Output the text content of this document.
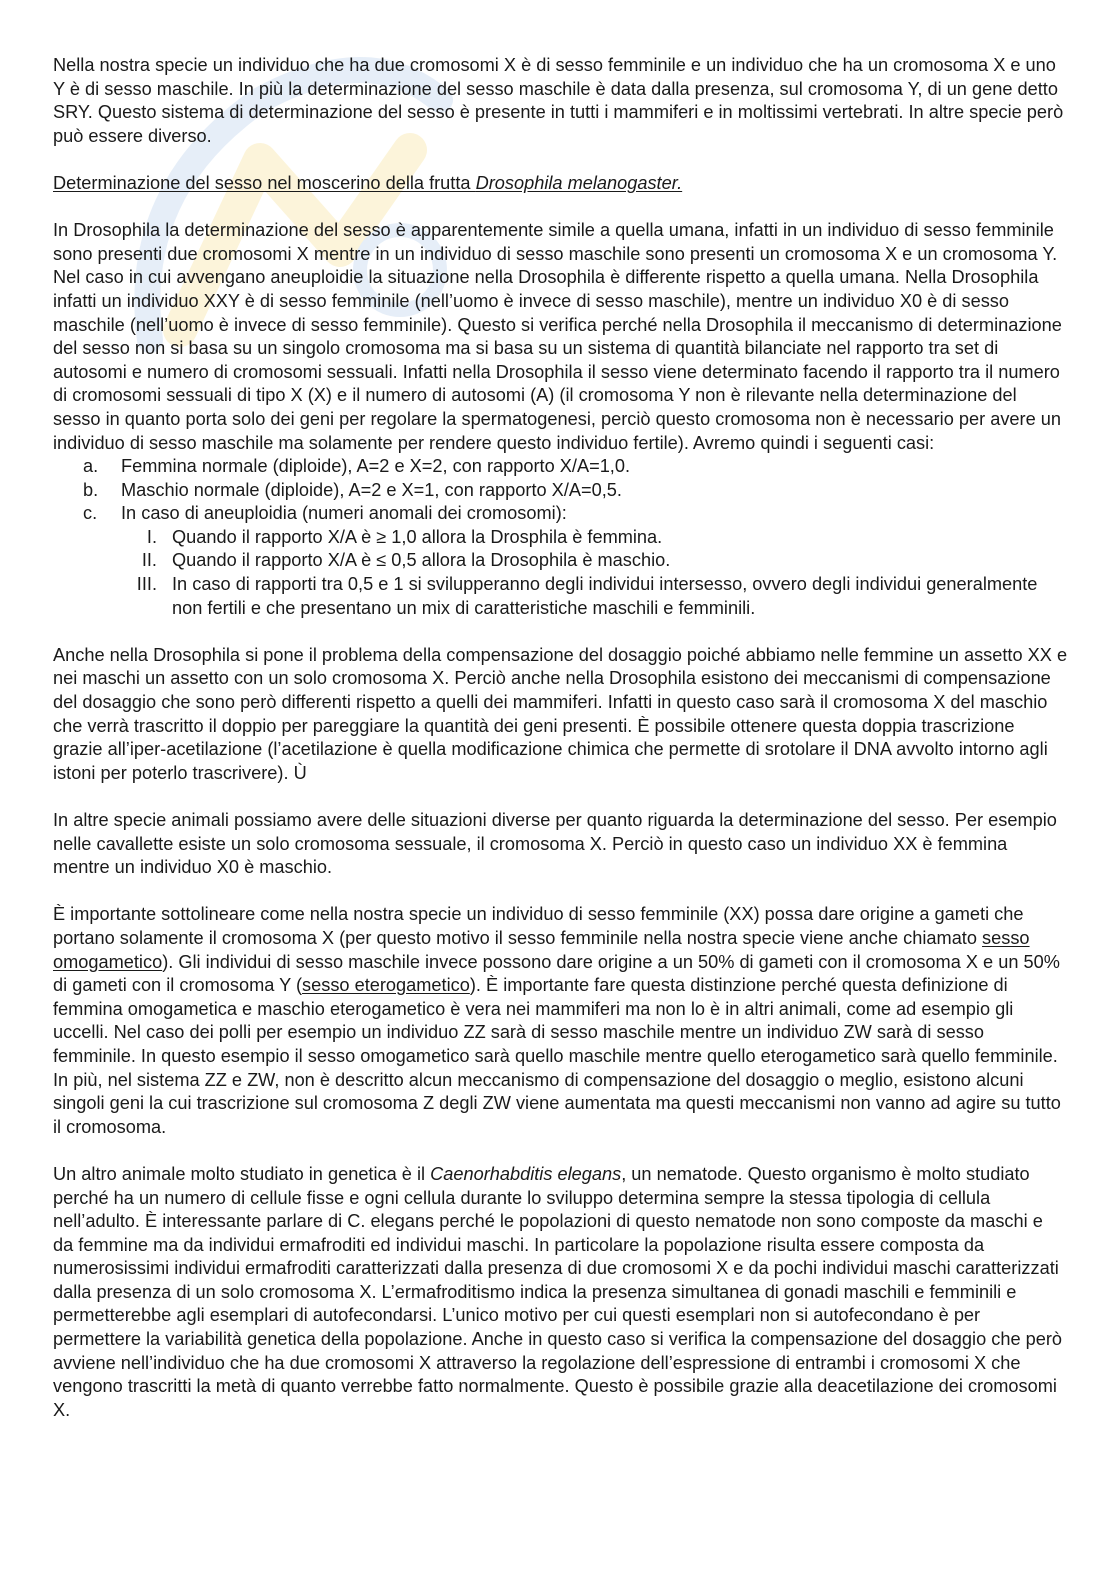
Nella nostra specie un individuo che ha due cromosomi X è di sesso femminile e un individuo che ha un cromosoma X e uno Y è di sesso maschile. In più la determinazione del sesso maschile è data dalla presenza, sul cromosoma Y, di un gene detto SRY. Questo sistema di determinazione del sesso è presente in tutti i mammiferi e in moltissimi vertebrati. In altre specie però può essere diverso.

Determinazione del sesso nel moscerino della frutta Drosophila melanogaster.

In Drosophila la determinazione del sesso è apparentemente simile a quella umana, infatti in un individuo di sesso femminile sono presenti due cromosomi X mentre in un individuo di sesso maschile sono presenti un cromosoma X e un cromosoma Y. Nel caso in cui avvengano aneuploidie la situazione nella Drosophila è differente rispetto a quella umana. Nella Drosophila infatti un individuo XXY è di sesso femminile (nell’uomo è invece di sesso maschile), mentre un individuo X0 è di sesso maschile (nell’uomo è invece di sesso femminile). Questo si verifica perché nella Drosophila il meccanismo di determinazione del sesso non si basa su un singolo cromosoma ma si basa su un sistema di quantità bilanciate nel rapporto tra set di autosomi e numero di cromosomi sessuali. Infatti nella Drosophila il sesso viene determinato facendo il rapporto tra il numero di cromosomi sessuali di tipo X (X) e il numero di autosomi (A) (il cromosoma Y non è rilevante nella determinazione del sesso in quanto porta solo dei geni per regolare la spermatogenesi, perciò questo cromosoma non è necessario per avere un individuo di sesso maschile ma solamente per rendere questo individuo fertile). Avremo quindi i seguenti casi:

a.	Femmina normale (diploide), A=2 e X=2, con rapporto X/A=1,0.
b.	Maschio normale (diploide), A=2 e X=1, con rapporto X/A=0,5.
c.	In caso di aneuploidia (numeri anomali dei cromosomi):
I. Quando il rapporto X/A è ≥ 1,0 allora la Drosphila è femmina.
II. Quando il rapporto X/A è ≤ 0,5 allora la Drosophila è maschio.
III. In caso di rapporti tra 0,5 e 1 si svilupperanno degli individui intersesso, ovvero degli individui generalmente non fertili e che presentano un mix di caratteristiche maschili e femminili.

Anche nella Drosophila si pone il problema della compensazione del dosaggio poiché abbiamo nelle femmine un assetto XX e nei maschi un assetto con un solo cromosoma X. Perciò anche nella Drosophila esistono dei meccanismi di compensazione del dosaggio che sono però differenti rispetto a quelli dei mammiferi. Infatti in questo caso sarà il cromosoma X del maschio che verrà trascritto il doppio per pareggiare la quantità dei geni presenti. È possibile ottenere questa doppia trascrizione grazie all’iper-acetilazione (l’acetilazione è quella modificazione chimica che permette di srotolare il DNA avvolto intorno agli istoni per poterlo trascrivere). Ù

In altre specie animali possiamo avere delle situazioni diverse per quanto riguarda la determinazione del sesso. Per esempio nelle cavallette esiste un solo cromosoma sessuale, il cromosoma X. Perciò in questo caso un individuo XX è femmina mentre un individuo X0 è maschio.

È importante sottolineare come nella nostra specie un individuo di sesso femminile (XX) possa dare origine a gameti che portano solamente il cromosoma X (per questo motivo il sesso femminile nella nostra specie viene anche chiamato sesso omogametico). Gli individui di sesso maschile invece possono dare origine a un 50% di gameti con il cromosoma X e un 50% di gameti con il cromosoma Y (sesso eterogametico). È importante fare questa distinzione perché questa definizione di femmina omogametica e maschio eterogametico è vera nei mammiferi ma non lo è in altri animali, come ad esempio gli uccelli. Nel caso dei polli per esempio un individuo ZZ sarà di sesso maschile mentre un individuo ZW sarà di sesso femminile. In questo esempio il sesso omogametico sarà quello maschile mentre quello eterogametico sarà quello femminile. In più, nel sistema ZZ e ZW, non è descritto alcun meccanismo di compensazione del dosaggio o meglio, esistono alcuni singoli geni la cui trascrizione sul cromosoma Z degli ZW viene aumentata ma questi meccanismi non vanno ad agire su tutto il cromosoma.

Un altro animale molto studiato in genetica è il Caenorhabditis elegans, un nematode. Questo organismo è molto studiato perché ha un numero di cellule fisse e ogni cellula durante lo sviluppo determina sempre la stessa tipologia di cellula nell’adulto. È interessante parlare di C. elegans perché le popolazioni di questo nematode non sono composte da maschi e da femmine ma da individui ermafroditi ed individui maschi. In particolare la popolazione risulta essere composta da numerosissimi individui ermafroditi caratterizzati dalla presenza di due cromosomi X e da pochi individui maschi caratterizzati dalla presenza di un solo cromosoma X. L’ermafroditismo indica la presenza simultanea di gonadi maschili e femminili e permetterebbe agli esemplari di autofecondarsi. L’unico motivo per cui questi esemplari non si autofecondano è per permettere la variabilità genetica della popolazione. Anche in questo caso si verifica la compensazione del dosaggio che però avviene nell’individuo che ha due cromosomi X attraverso la regolazione dell’espressione di entrambi i cromosomi X che vengono trascritti la metà di quanto verrebbe fatto normalmente. Questo è possibile grazie alla deacetilazione dei cromosomi X.
